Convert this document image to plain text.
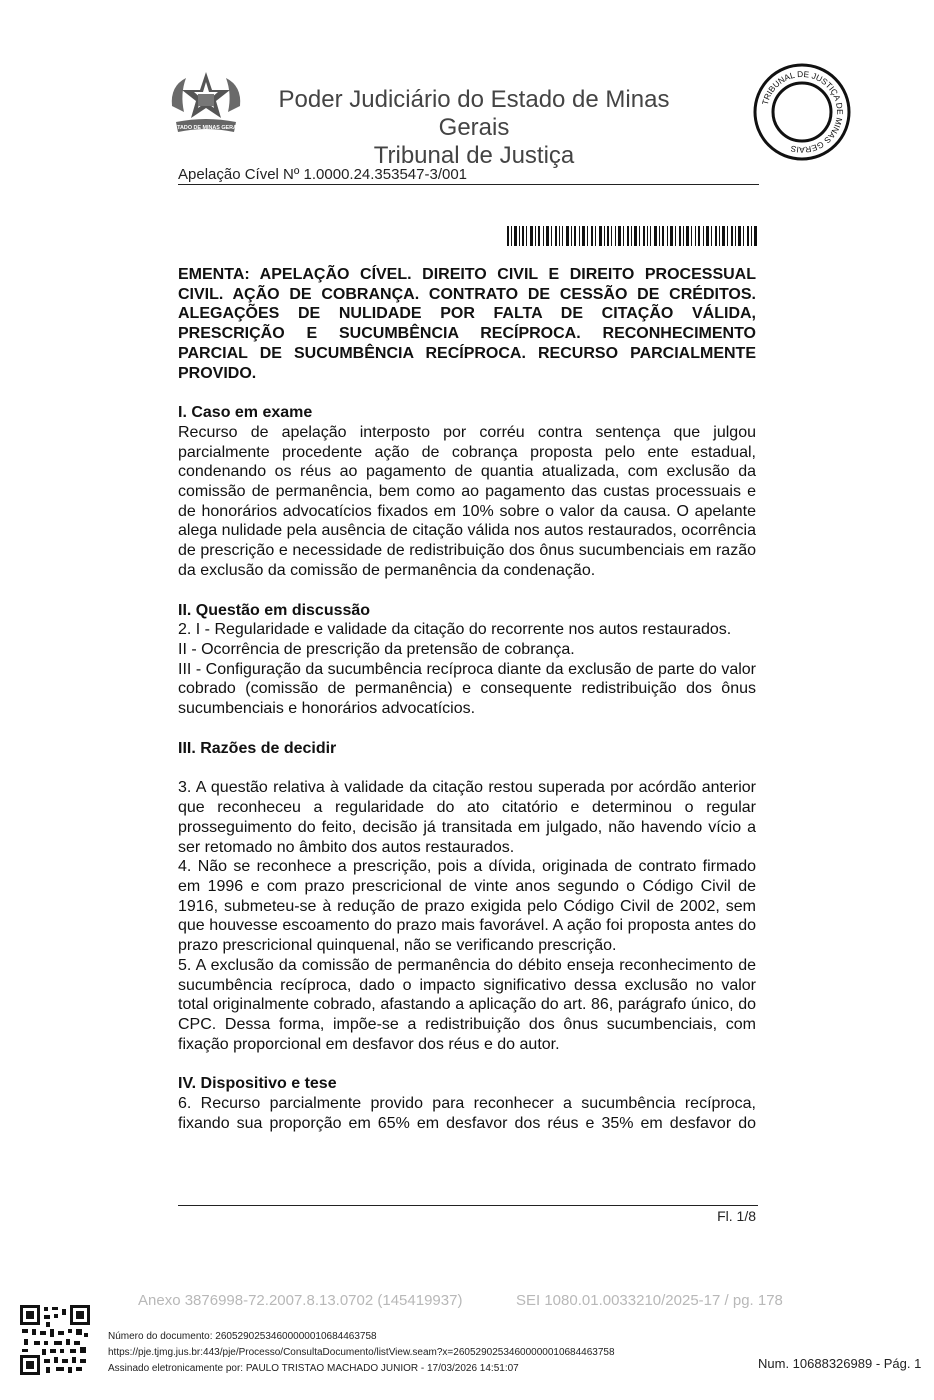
ESTADO DE MINAS GERAIS
Poder Judiciário do Estado de Minas Gerais
Tribunal de Justiça
TRIBUNAL DE JUSTIÇA DE MINAS GERAIS
Apelação Cível Nº 1.0000.24.353547-3/001

EMENTA: APELAÇÃO CÍVEL. DIREITO CIVIL E DIREITO PROCESSUAL CIVIL. AÇÃO DE COBRANÇA. CONTRATO DE CESSÃO DE CRÉDITOS. ALEGAÇÕES DE NULIDADE POR FALTA DE CITAÇÃO VÁLIDA, PRESCRIÇÃO E SUCUMBÊNCIA RECÍPROCA. RECONHECIMENTO PARCIAL DE SUCUMBÊNCIA RECÍPROCA. RECURSO PARCIALMENTE PROVIDO.

I. Caso em exame

Recurso de apelação interposto por corréu contra sentença que julgou parcialmente procedente ação de cobrança proposta pelo ente estadual, condenando os réus ao pagamento de quantia atualizada, com exclusão da comissão de permanência, bem como ao pagamento das custas processuais e de honorários advocatícios fixados em 10% sobre o valor da causa. O apelante alega nulidade pela ausência de citação válida nos autos restaurados, ocorrência de prescrição e necessidade de redistribuição dos ônus sucumbenciais em razão da exclusão da comissão de permanência da condenação.

II. Questão em discussão

2. I - Regularidade e validade da citação do recorrente nos autos restaurados.

II - Ocorrência de prescrição da pretensão de cobrança.

III - Configuração da sucumbência recíproca diante da exclusão de parte do valor cobrado (comissão de permanência) e consequente redistribuição dos ônus sucumbenciais e honorários advocatícios.

III. Razões de decidir

3. A questão relativa à validade da citação restou superada por acórdão anterior que reconheceu a regularidade do ato citatório e determinou o regular prosseguimento do feito, decisão já transitada em julgado, não havendo vício a ser retomado no âmbito dos autos restaurados.

4. Não se reconhece a prescrição, pois a dívida, originada de contrato firmado em 1996 e com prazo prescricional de vinte anos segundo o Código Civil de 1916, submeteu-se à redução de prazo exigida pelo Código Civil de 2002, sem que houvesse escoamento do prazo mais favorável. A ação foi proposta antes do prazo prescricional quinquenal, não se verificando prescrição.

5. A exclusão da comissão de permanência do débito enseja reconhecimento de sucumbência recíproca, dado o impacto significativo dessa exclusão no valor total originalmente cobrado, afastando a aplicação do art. 86, parágrafo único, do CPC. Dessa forma, impõe-se a redistribuição dos ônus sucumbenciais, com fixação proporcional em desfavor dos réus e do autor.

IV. Dispositivo e tese

6. Recurso parcialmente provido para reconhecer a sucumbência recíproca, fixando sua proporção em 65% em desfavor dos réus e 35% em desfavor do

Fl. 1/8
Anexo 3876998-72.2007.8.13.0702 (145419937)	SEI 1080.01.0033210/2025-17 / pg. 178
Número do documento: 26052902534600000010684463758
https://pje.tjmg.jus.br:443/pje/Processo/ConsultaDocumento/listView.seam?x=26052902534600000010684463758
Assinado eletronicamente por: PAULO TRISTAO MACHADO JUNIOR - 17/03/2026 14:51:07	Num. 10688326989 - Pág. 1
